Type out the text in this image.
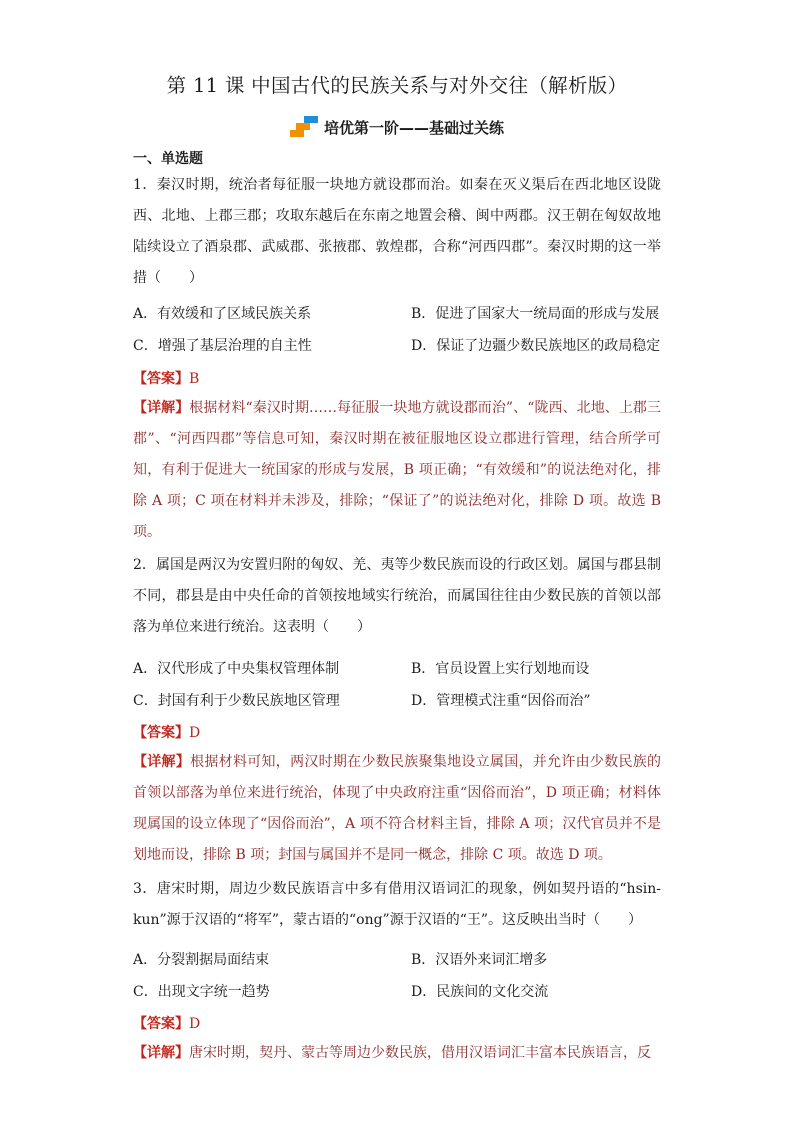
第 11 课 中国古代的民族关系与对外交往（解析版）
培优第一阶——基础过关练
一、单选题
1．秦汉时期，统治者每征服一块地方就设郡而治。如秦在灭义渠后在西北地区设陇西、北地、上郡三郡；攻取东越后在东南之地置会稽、闽中两郡。汉王朝在匈奴故地陆续设立了酒泉郡、武威郡、张掖郡、敦煌郡，合称“河西四郡”。秦汉时期的这一举措（　　）
A．有效缓和了区域民族关系	B．促进了国家大一统局面的形成与发展
C．增强了基层治理的自主性	D．保证了边疆少数民族地区的政局稳定
【答案】B
【详解】根据材料“秦汉时期……每征服一块地方就设郡而治”、“陇西、北地、上郡三郡”、“河西四郡”等信息可知，秦汉时期在被征服地区设立郡进行管理，结合所学可知，有利于促进大一统国家的形成与发展，B 项正确；“有效缓和”的说法绝对化，排除 A 项；C 项在材料并未涉及，排除；“保证了”的说法绝对化，排除 D 项。故选 B 项。
2．属国是两汉为安置归附的匈奴、羌、夷等少数民族而设的行政区划。属国与郡县制不同，郡县是由中央任命的首领按地域实行统治，而属国往往由少数民族的首领以部落为单位来进行统治。这表明（　　）
A．汉代形成了中央集权管理体制	B．官员设置上实行划地而设
C．封国有利于少数民族地区管理	D．管理模式注重“因俗而治”
【答案】D
【详解】根据材料可知，两汉时期在少数民族聚集地设立属国，并允许由少数民族的首领以部落为单位来进行统治，体现了中央政府注重“因俗而治”，D 项正确；材料体现属国的设立体现了“因俗而治”，A 项不符合材料主旨，排除 A 项；汉代官员并不是划地而设，排除 B 项；封国与属国并不是同一概念，排除 C 项。故选 D 项。
3．唐宋时期，周边少数民族语言中多有借用汉语词汇的现象，例如契丹语的“hsin-kun”源于汉语的“将军”，蒙古语的“ong”源于汉语的“王”。这反映出当时（　　）
A．分裂割据局面结束	B．汉语外来词汇增多
C．出现文字统一趋势	D．民族间的文化交流
【答案】D
【详解】唐宋时期，契丹、蒙古等周边少数民族，借用汉语词汇丰富本民族语言，反
